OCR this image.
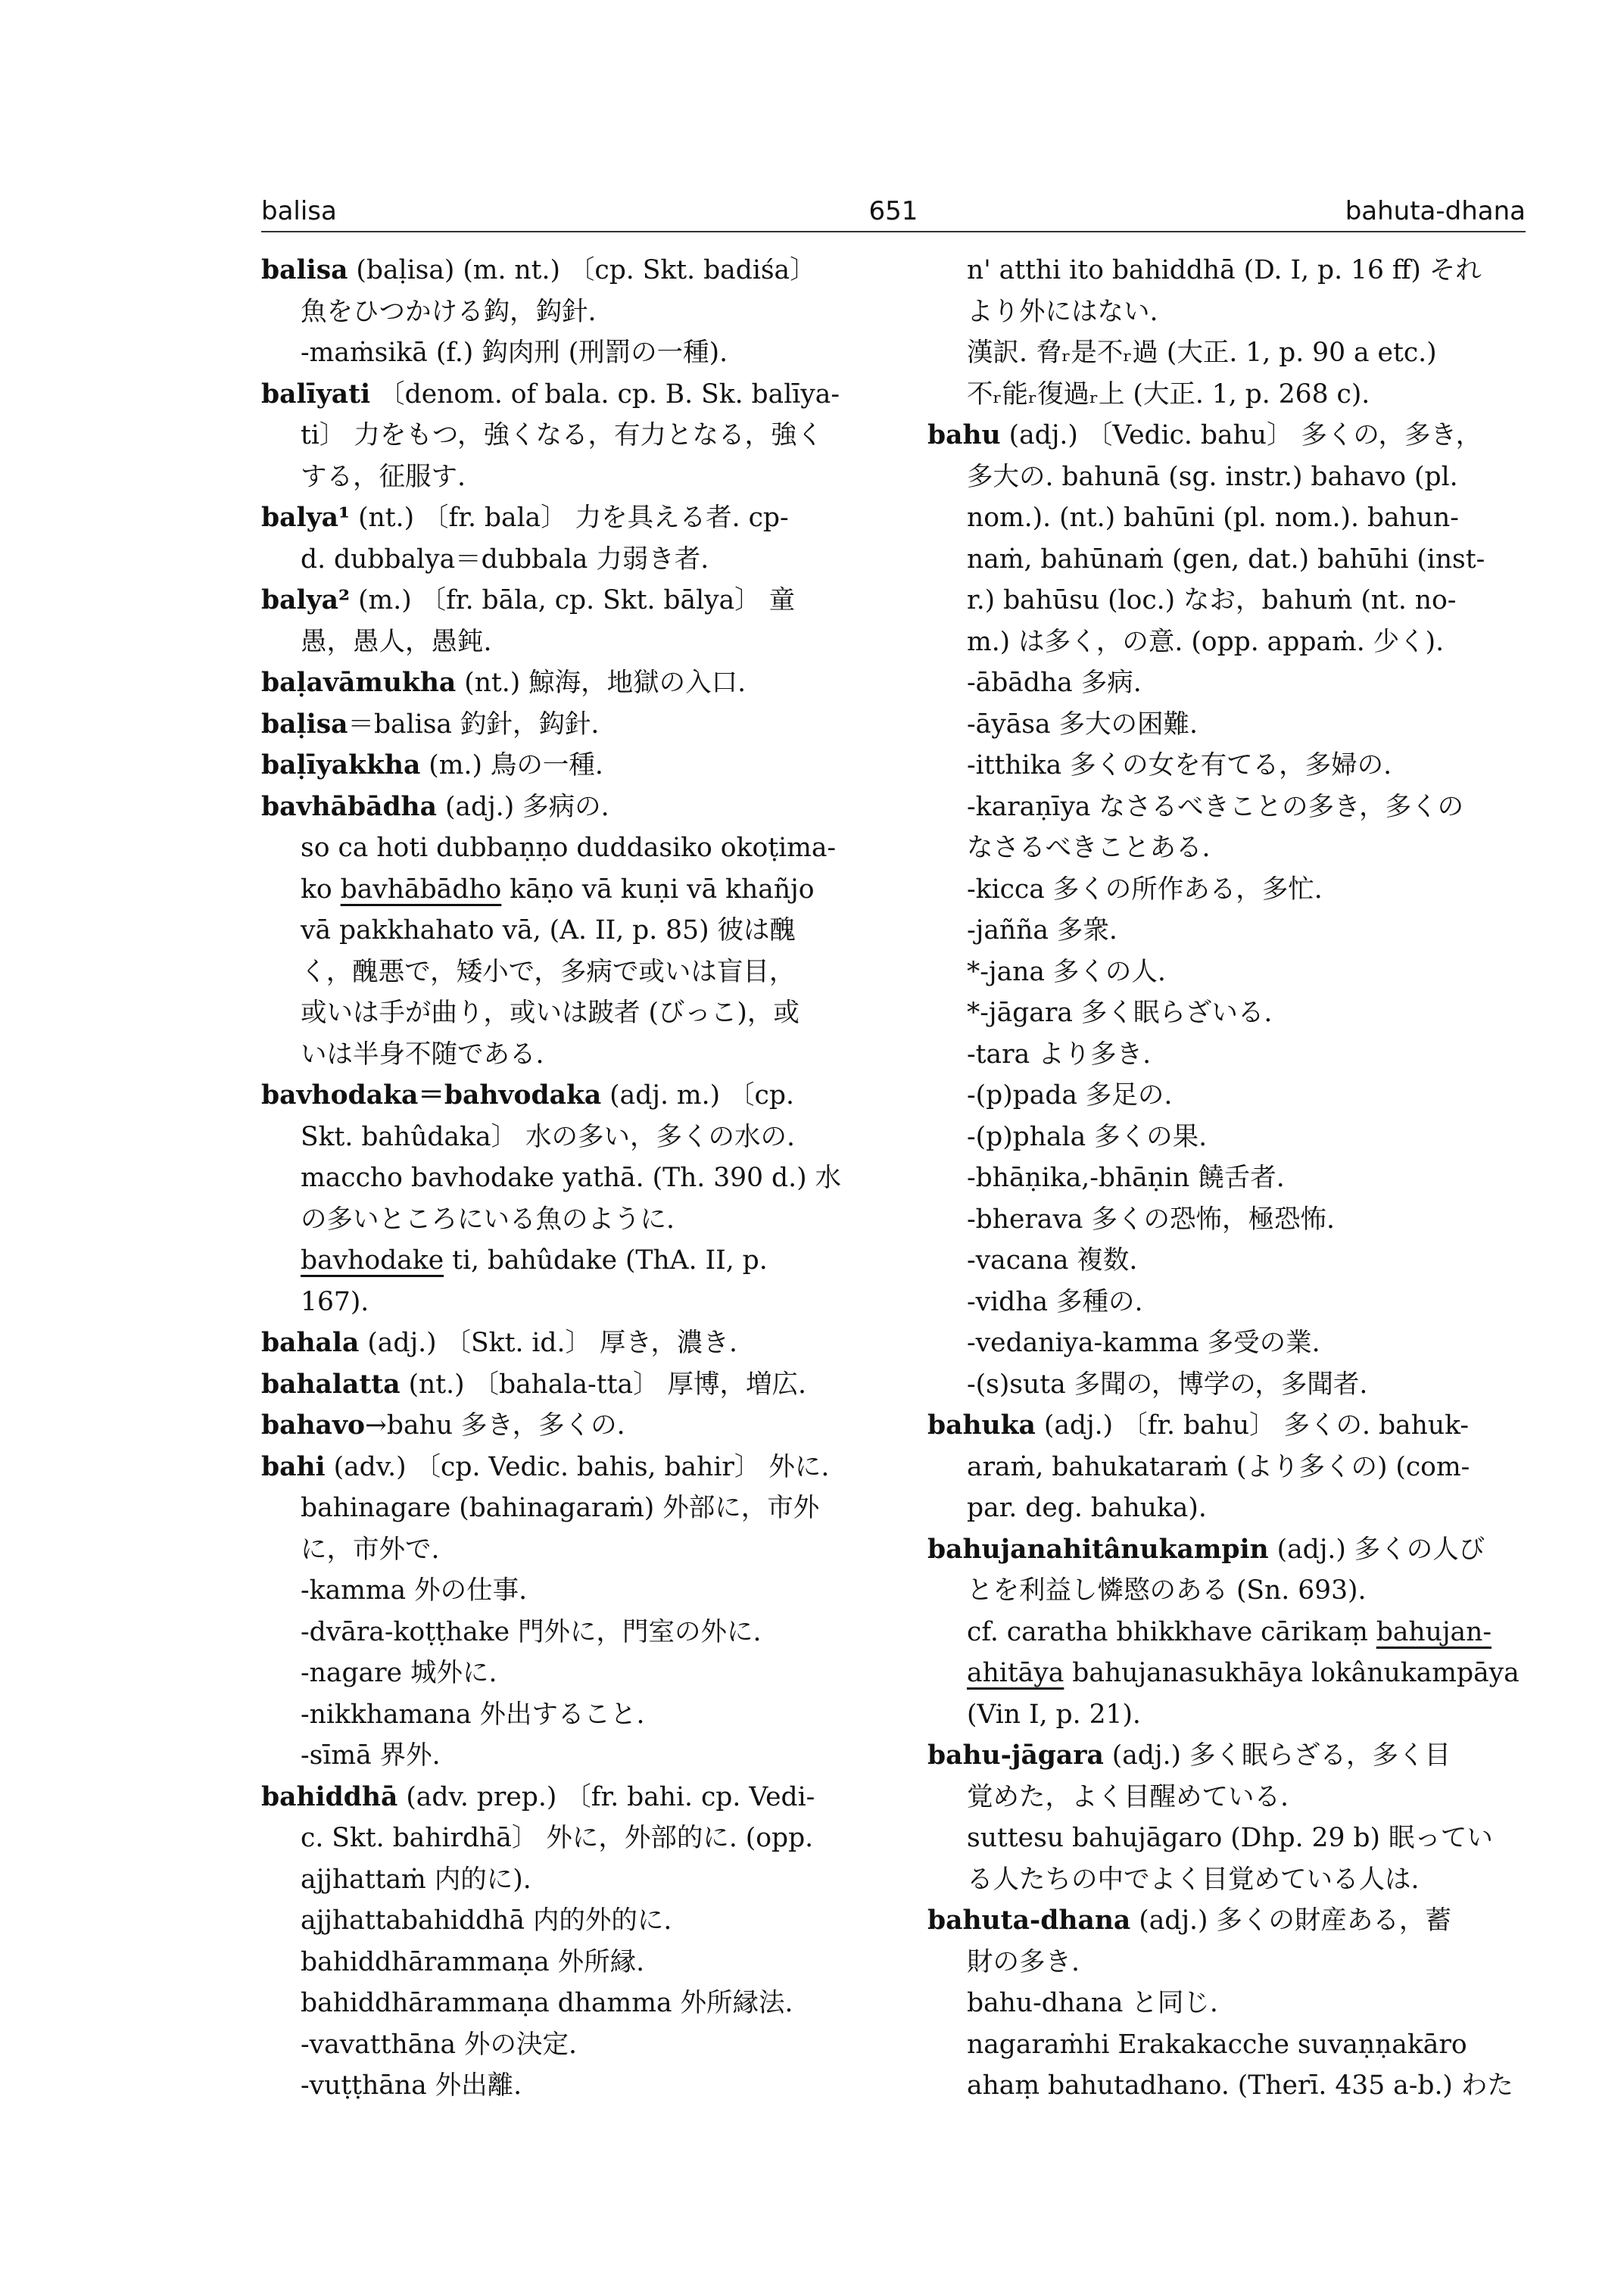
balisa	651	bahuta-dhana
balisa (baḷisa) (m. nt.) 〔cp. Skt. badiśa〕
魚をひつかける鈎，鈎針.
-maṁsikā (f.) 鈎肉刑 (刑罰の一種).
balīyati 〔denom. of bala. cp. B. Sk. balīya-
ti〕 力をもつ，強くなる，有力となる，強く
する，征服す.
balya¹ (nt.) 〔fr. bala〕 力を具える者. cp-
d. dubbalya＝dubbala 力弱き者.
balya² (m.) 〔fr. bāla, cp. Skt. bālya〕 童
愚，愚人，愚鈍.
baḷavāmukha (nt.) 鯨海，地獄の入口.
baḷisa＝balisa 釣針，鈎針.
baḷīyakkha (m.) 鳥の一種.
bavhābādha (adj.) 多病の.
so ca hoti dubbaṇṇo duddasiko okoṭima-
ko bavhābādho kāṇo vā kuṇi vā khañjo
vā pakkhahato vā, (A. II, p. 85) 彼は醜
く，醜悪で，矮小で，多病で或いは盲目，
或いは手が曲り，或いは跛者 (びっこ)，或
いは半身不随である.
bavhodaka＝bahvodaka (adj. m.) 〔cp.
Skt. bahûdaka〕 水の多い，多くの水の.
maccho bavhodake yathā. (Th. 390 d.) 水
の多いところにいる魚のように.
bavhodake ti, bahûdake (ThA. II, p.
167).
bahala (adj.) 〔Skt. id.〕 厚き，濃き.
bahalatta (nt.) 〔bahala-tta〕 厚博，増広.
bahavo→bahu 多き，多くの.
bahi (adv.) 〔cp. Vedic. bahis, bahir〕 外に.
bahinagare (bahinagaraṁ) 外部に，市外
に，市外で.
-kamma 外の仕事.
-dvāra-koṭṭhake 門外に，門室の外に.
-nagare 城外に.
-nikkhamana 外出すること.
-sīmā 界外.
bahiddhā (adv. prep.) 〔fr. bahi. cp. Vedi-
c. Skt. bahirdhā〕 外に，外部的に. (opp.
ajjhattaṁ 内的に).
ajjhattabahiddhā 内的外的に.
bahiddhārammaṇa 外所縁.
bahiddhārammaṇa dhamma 外所縁法.
-vavatthāna 外の決定.
-vuṭṭhāna 外出離.
n' atthi ito bahiddhā (D. I, p. 16 ff) それ
より外にはない.
漢訳. 脅ᵣ是不ᵣ過 (大正. 1, p. 90 a etc.)
不ᵣ能ᵣ復過ᵣ上 (大正. 1, p. 268 c).
bahu (adj.) 〔Vedic. bahu〕 多くの，多き，
多大の. bahunā (sg. instr.) bahavo (pl.
nom.). (nt.) bahūni (pl. nom.). bahun-
naṁ, bahūnaṁ (gen, dat.) bahūhi (inst-
r.) bahūsu (loc.) なお，bahuṁ (nt. no-
m.) は多く，の意. (opp. appaṁ. 少く).
-ābādha 多病.
-āyāsa 多大の困難.
-itthika 多くの女を有てる，多婦の.
-karaṇīya なさるべきことの多き，多くの
なさるべきことある.
-kicca 多くの所作ある，多忙.
-jañña 多衆.
*-jana 多くの人.
*-jāgara 多く眠らざいる.
-tara より多き.
-(p)pada 多足の.
-(p)phala 多くの果.
-bhāṇika,-bhāṇin 饒舌者.
-bherava 多くの恐怖，極恐怖.
-vacana 複数.
-vidha 多種の.
-vedaniya-kamma 多受の業.
-(s)suta 多聞の，博学の，多聞者.
bahuka (adj.) 〔fr. bahu〕 多くの. bahuk-
araṁ, bahukataraṁ (より多くの) (com-
par. deg. bahuka).
bahujanahitânukampin (adj.) 多くの人び
とを利益し憐愍のある (Sn. 693).
cf. caratha bhikkhave cārikaṃ bahujan-
ahitāya bahujanasukhāya lokânukampāya
(Vin I, p. 21).
bahu-jāgara (adj.) 多く眠らざる，多く目
覚めた，よく目醒めている.
suttesu bahujāgaro (Dhp. 29 b) 眠ってい
る人たちの中でよく目覚めている人は.
bahuta-dhana (adj.) 多くの財産ある，蓄
財の多き.
bahu-dhana と同じ.
nagaraṁhi Erakakacche suvaṇṇakāro
ahaṃ bahutadhano. (Therī. 435 a-b.) わた
